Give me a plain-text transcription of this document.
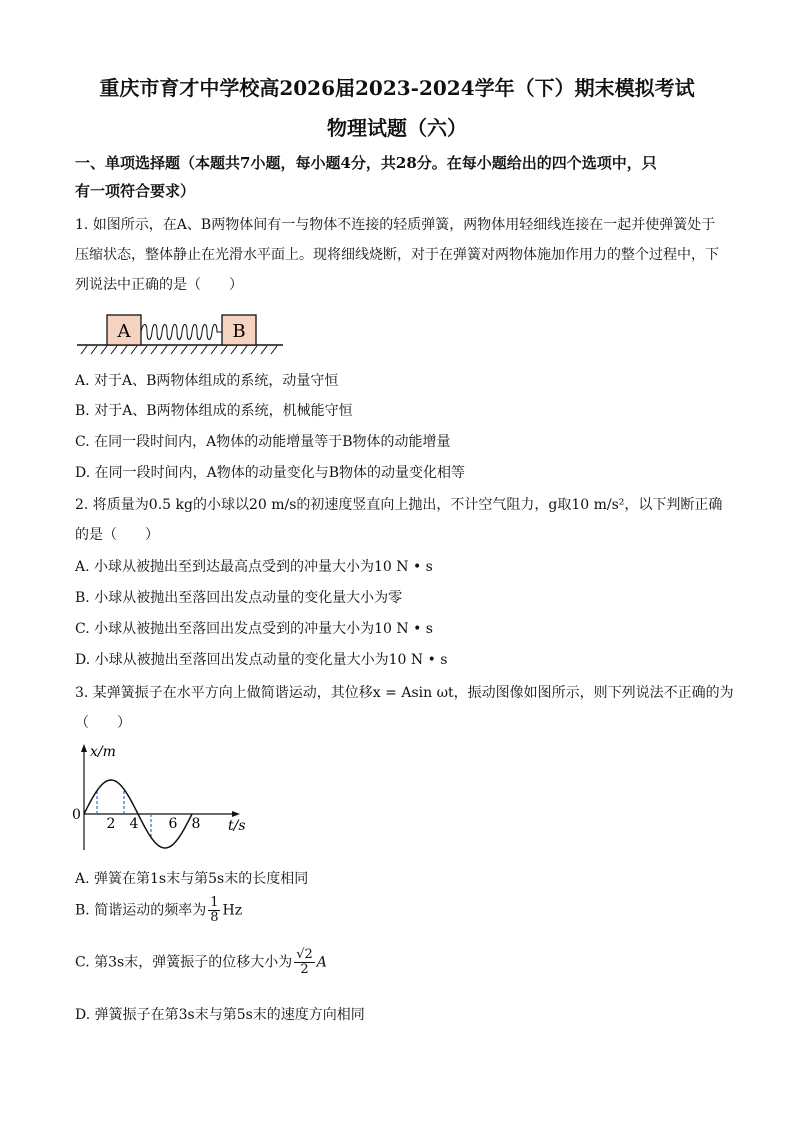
重庆市育才中学校高2026届2023-2024学年（下）期末模拟考试
物理试题（六）
一、单项选择题（本题共7小题，每小题4分，共28分。在每小题给出的四个选项中，只
有一项符合要求）
1. 如图所示，在A、B两物体间有一与物体不连接的轻质弹簧，两物体用轻细线连接在一起并使弹簧处于
压缩状态，整体静止在光滑水平面上。现将细线烧断，对于在弹簧对两物体施加作用力的整个过程中，下
列说法中正确的是（　　）
A	B
A. 对于A、B两物体组成的系统，动量守恒
B. 对于A、B两物体组成的系统，机械能守恒
C. 在同一段时间内，A物体的动能增量等于B物体的动能增量
D. 在同一段时间内，A物体的动量变化与B物体的动量变化相等
2. 将质量为0.5 kg的小球以20 m/s的初速度竖直向上抛出，不计空气阻力，g取10 m/s²，以下判断正确
的是（　　）
A. 小球从被抛出至到达最高点受到的冲量大小为10 N • s
B. 小球从被抛出至落回出发点动量的变化量大小为零
C. 小球从被抛出至落回出发点受到的冲量大小为10 N • s
D. 小球从被抛出至落回出发点动量的变化量大小为10 N • s
3. 某弹簧振子在水平方向上做简谐运动，其位移x = Asin ωt，振动图像如图所示，则下列说法不正确的为
（　　）
x/m
t/s
0
2 4 6 8
A. 弹簧在第1s末与第5s末的长度相同
B. 简谐运动的频率为 $\frac{1}{8}$ Hz
C. 第3s末，弹簧振子的位移大小为 $\frac{√2}{2}$ A
D. 弹簧振子在第3s末与第5s末的速度方向相同
